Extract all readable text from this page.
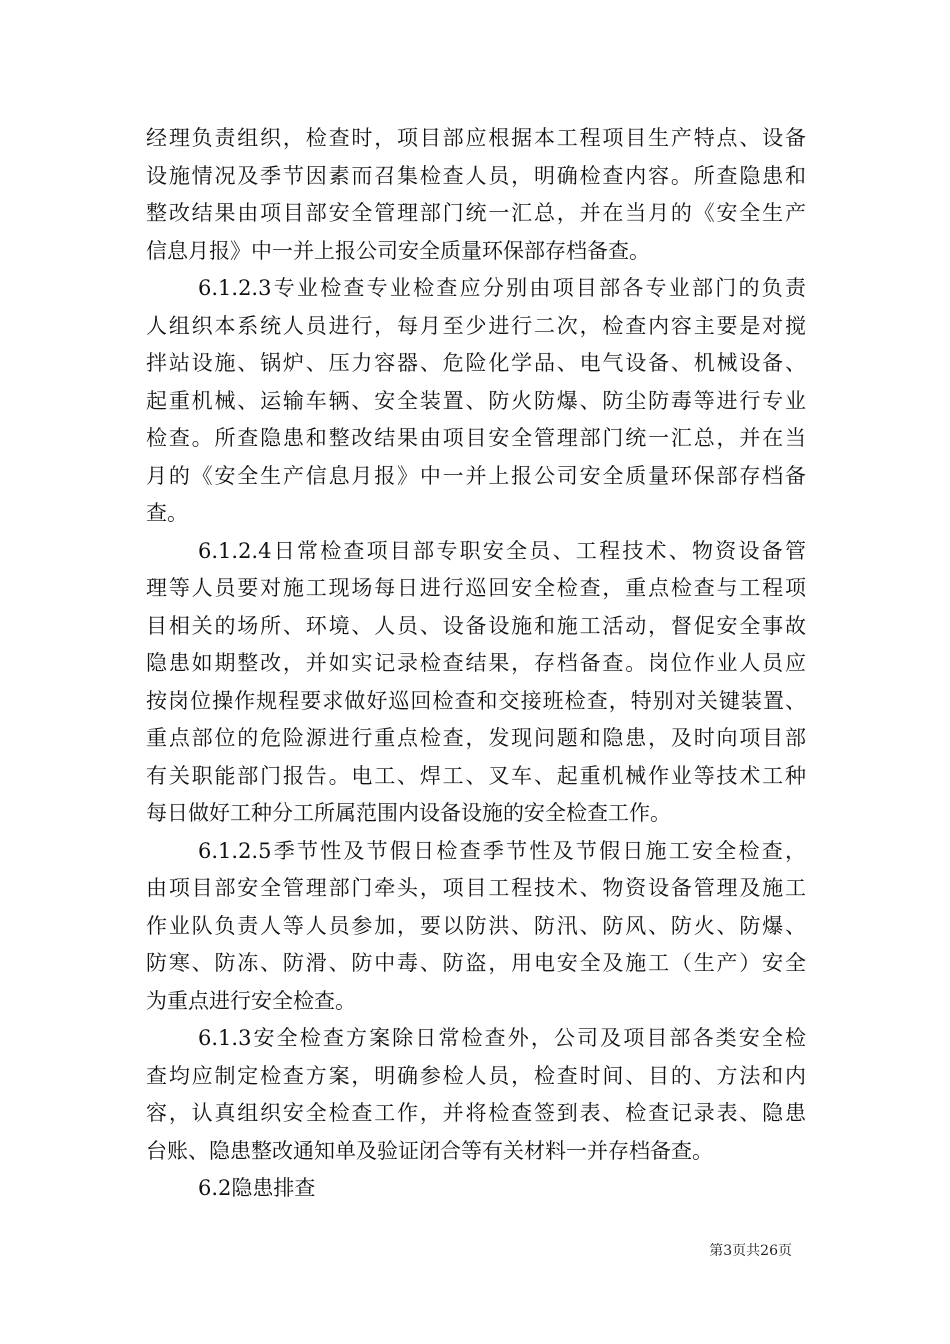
经理负责组织，检查时，项目部应根据本工程项目生产特点、设备
设施情况及季节因素而召集检查人员，明确检查内容。所查隐患和
整改结果由项目部安全管理部门统一汇总，并在当月的《安全生产
信息月报》中一并上报公司安全质量环保部存档备查。
6.1.2.3专业检查专业检查应分别由项目部各专业部门的负责
人组织本系统人员进行，每月至少进行二次，检查内容主要是对搅
拌站设施、锅炉、压力容器、危险化学品、电气设备、机械设备、
起重机械、运输车辆、安全装置、防火防爆、防尘防毒等进行专业
检查。所查隐患和整改结果由项目安全管理部门统一汇总，并在当
月的《安全生产信息月报》中一并上报公司安全质量环保部存档备
查。
6.1.2.4日常检查项目部专职安全员、工程技术、物资设备管
理等人员要对施工现场每日进行巡回安全检查，重点检查与工程项
目相关的场所、环境、人员、设备设施和施工活动，督促安全事故
隐患如期整改，并如实记录检查结果，存档备查。岗位作业人员应
按岗位操作规程要求做好巡回检查和交接班检查，特别对关键装置、
重点部位的危险源进行重点检查，发现问题和隐患，及时向项目部
有关职能部门报告。电工、焊工、叉车、起重机械作业等技术工种
每日做好工种分工所属范围内设备设施的安全检查工作。
6.1.2.5季节性及节假日检查季节性及节假日施工安全检查，
由项目部安全管理部门牵头，项目工程技术、物资设备管理及施工
作业队负责人等人员参加，要以防洪、防汛、防风、防火、防爆、
防寒、防冻、防滑、防中毒、防盗，用电安全及施工（生产）安全
为重点进行安全检查。
6.1.3安全检查方案除日常检查外，公司及项目部各类安全检
查均应制定检查方案，明确参检人员，检查时间、目的、方法和内
容，认真组织安全检查工作，并将检查签到表、检查记录表、隐患
台账、隐患整改通知单及验证闭合等有关材料一并存档备查。
6.2隐患排查
第3页共26页
